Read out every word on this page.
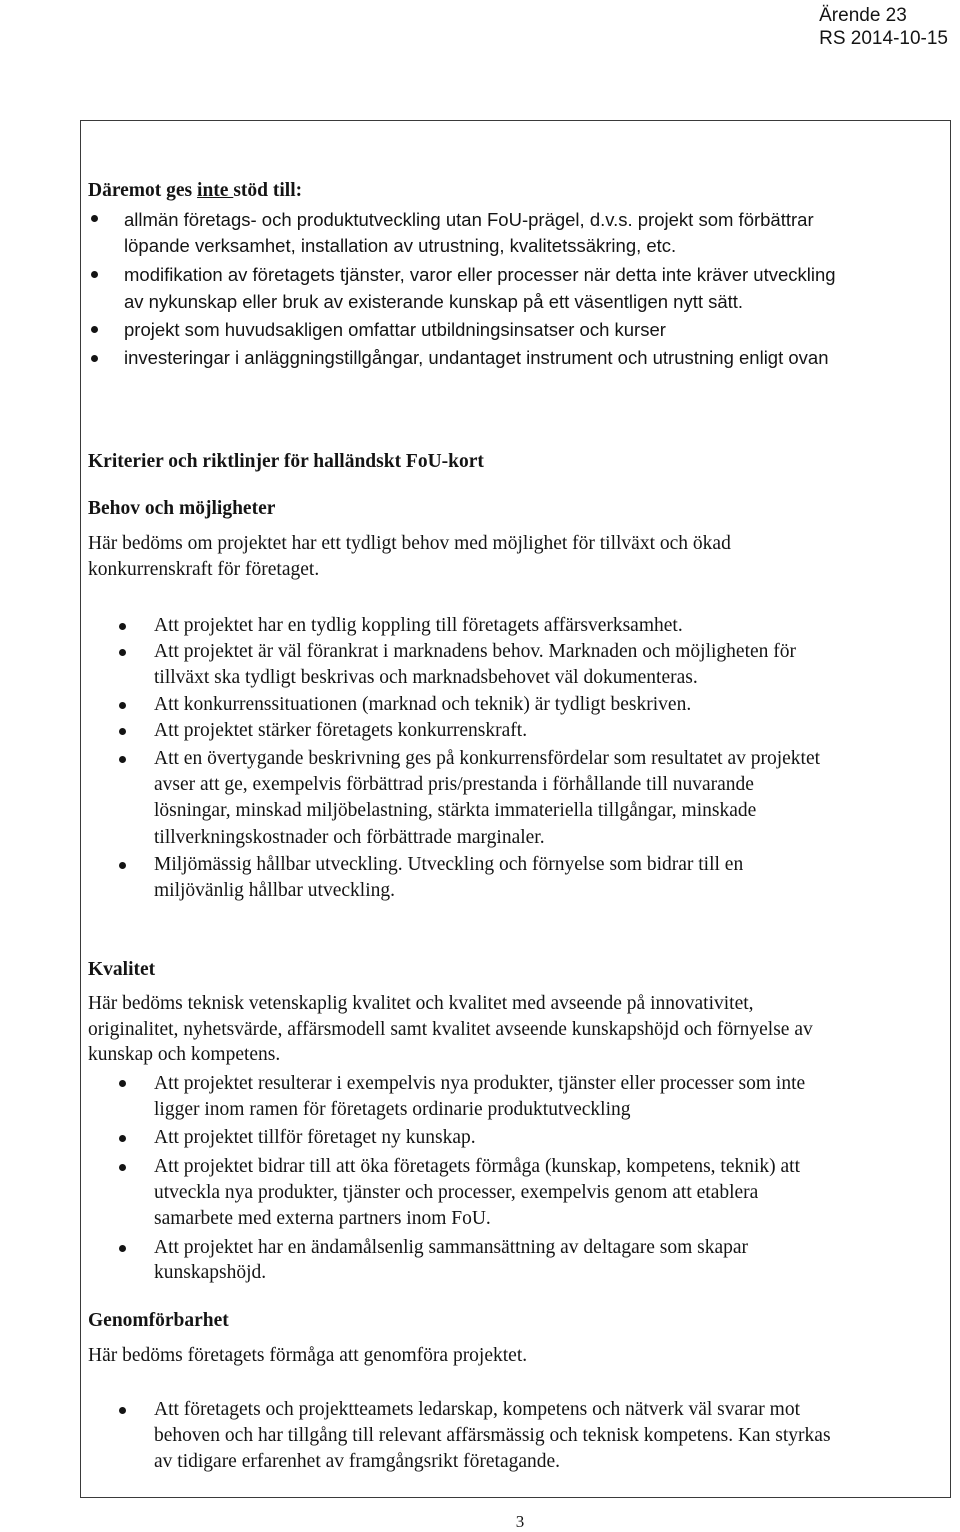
Ärende 23
RS 2014-10-15

Däremot ges inte stöd till:

allmän företags- och produktutveckling utan FoU-prägel, d.v.s. projekt som förbättrar

löpande verksamhet, installation av utrustning, kvalitetssäkring, etc.

modifikation av företagets tjänster, varor eller processer när detta inte kräver utveckling

av nykunskap eller bruk av existerande kunskap på ett väsentligen nytt sätt.

projekt som huvudsakligen omfattar utbildningsinsatser och kurser

investeringar i anläggningstillgångar, undantaget instrument och utrustning enligt ovan

Kriterier och riktlinjer för halländskt FoU-kort

Behov och möjligheter

Här bedöms om projektet har ett tydligt behov med möjlighet för tillväxt och ökad

konkurrenskraft för företaget.

Att projektet har en tydlig koppling till företagets affärsverksamhet.

Att projektet är väl förankrat i marknadens behov. Marknaden och möjligheten för

tillväxt ska tydligt beskrivas och marknadsbehovet väl dokumenteras.

Att konkurrenssituationen (marknad och teknik) är tydligt beskriven.

Att projektet stärker företagets konkurrenskraft.

Att en övertygande beskrivning ges på konkurrensfördelar som resultatet av projektet

avser att ge, exempelvis förbättrad pris/prestanda i förhållande till nuvarande

lösningar, minskad miljöbelastning, stärkta immateriella tillgångar, minskade

tillverkningskostnader och förbättrade marginaler.

Miljömässig hållbar utveckling. Utveckling och förnyelse som bidrar till en

miljövänlig hållbar utveckling.

Kvalitet

Här bedöms teknisk vetenskaplig kvalitet och kvalitet med avseende på innovativitet,

originalitet, nyhetsvärde, affärsmodell samt kvalitet avseende kunskapshöjd och förnyelse av

kunskap och kompetens.

Att projektet resulterar i exempelvis nya produkter, tjänster eller processer som inte

ligger inom ramen för företagets ordinarie produktutveckling

Att projektet tillför företaget ny kunskap.

Att projektet bidrar till att öka företagets förmåga (kunskap, kompetens, teknik) att

utveckla nya produkter, tjänster och processer, exempelvis genom att etablera

samarbete med externa partners inom FoU.

Att projektet har en ändamålsenlig sammansättning av deltagare som skapar

kunskapshöjd.

Genomförbarhet

Här bedöms företagets förmåga att genomföra projektet.

Att företagets och projektteamets ledarskap, kompetens och nätverk väl svarar mot

behoven och har tillgång till relevant affärsmässig och teknisk kompetens. Kan styrkas

av tidigare erfarenhet av framgångsrikt företagande.

3
